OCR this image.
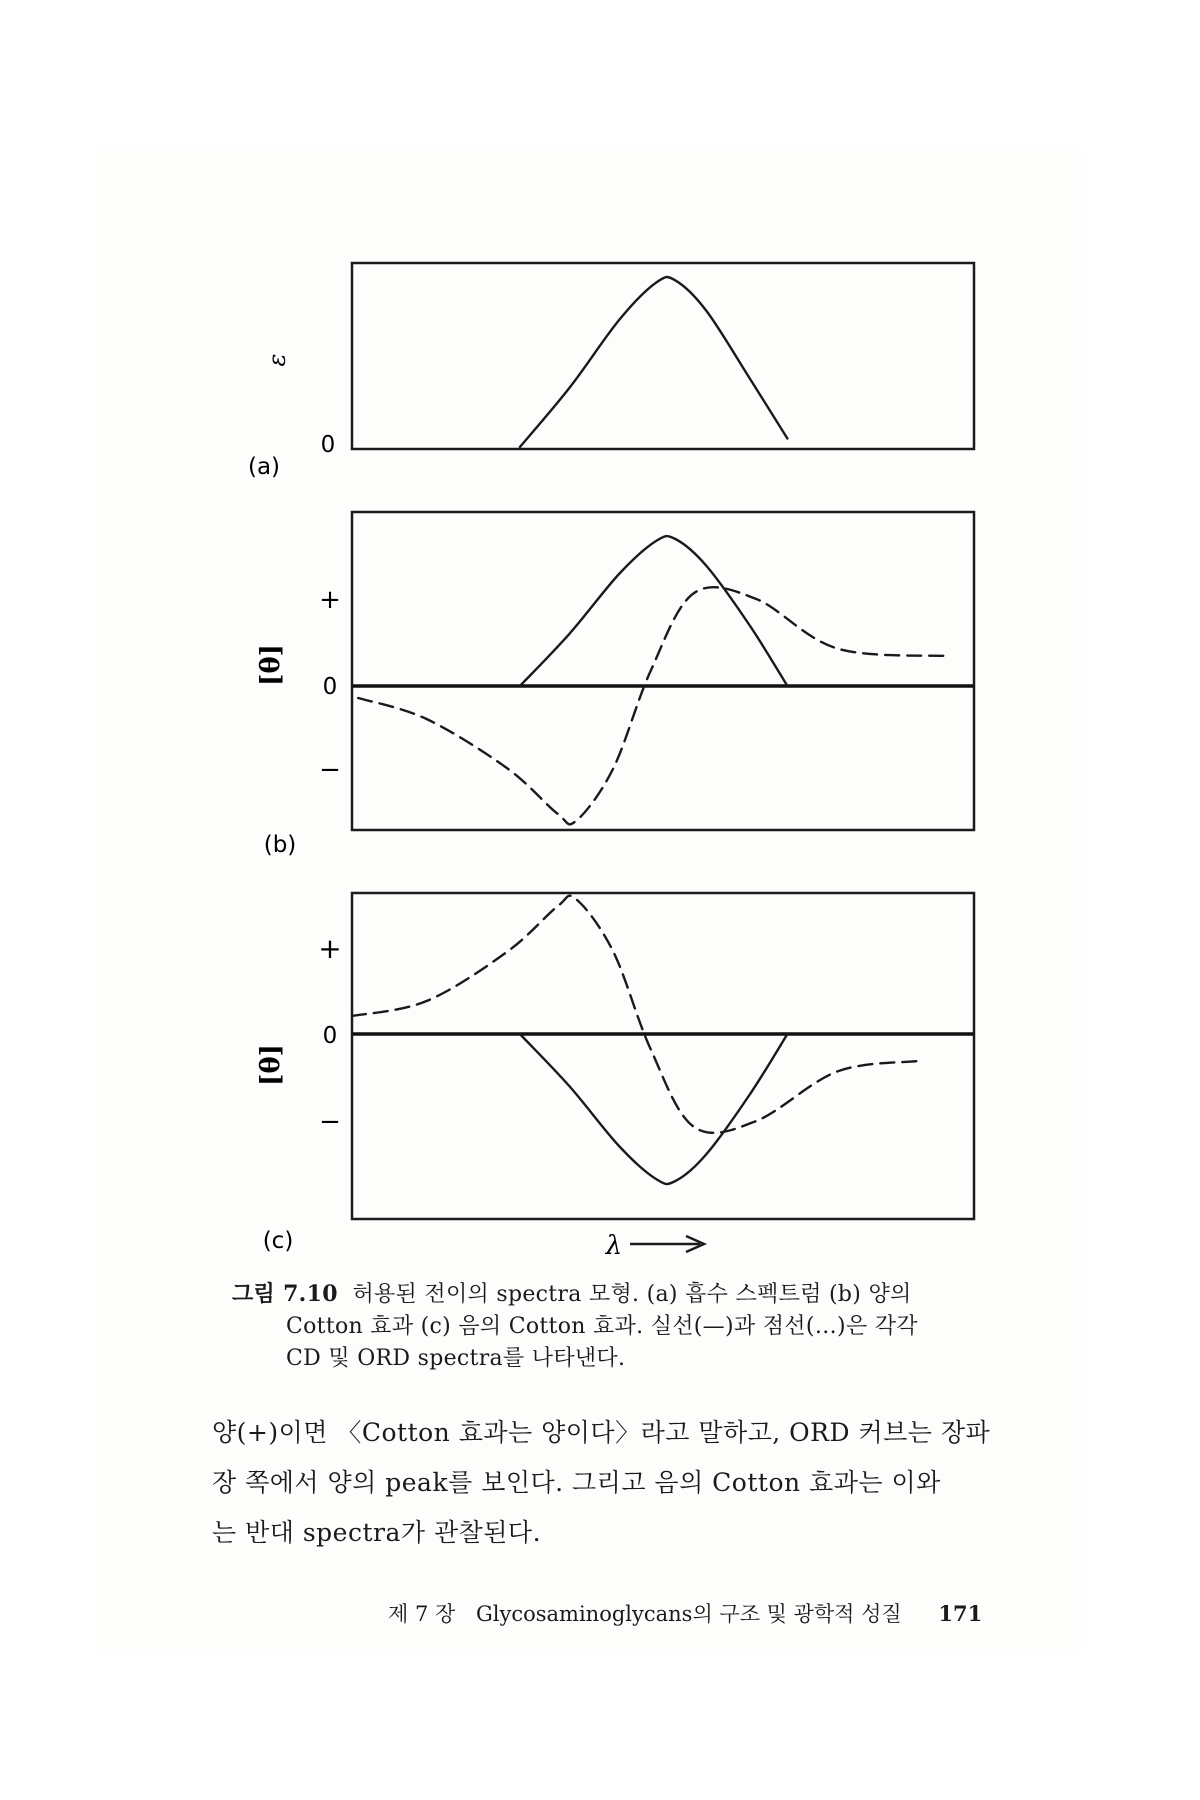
ε
0
(a)
[θ]
+
0
−
(b)
[θ]
+
0
−
(c)	λ
그림 7.10 허용된 전이의 spectra 모형. (a) 흡수 스펙트럼 (b) 양의
Cotton 효과 (c) 음의 Cotton 효과. 실선(—)과 점선(…)은 각각
CD 및 ORD spectra를 나타낸다.
양(+)이면 〈Cotton 효과는 양이다〉라고 말하고, ORD 커브는 장파
장 쪽에서 양의 peak를 보인다. 그리고 음의 Cotton 효과는 이와
는 반대 spectra가 관찰된다.
제 7 장 Glycosaminoglycans의 구조 및 광학적 성질 171
